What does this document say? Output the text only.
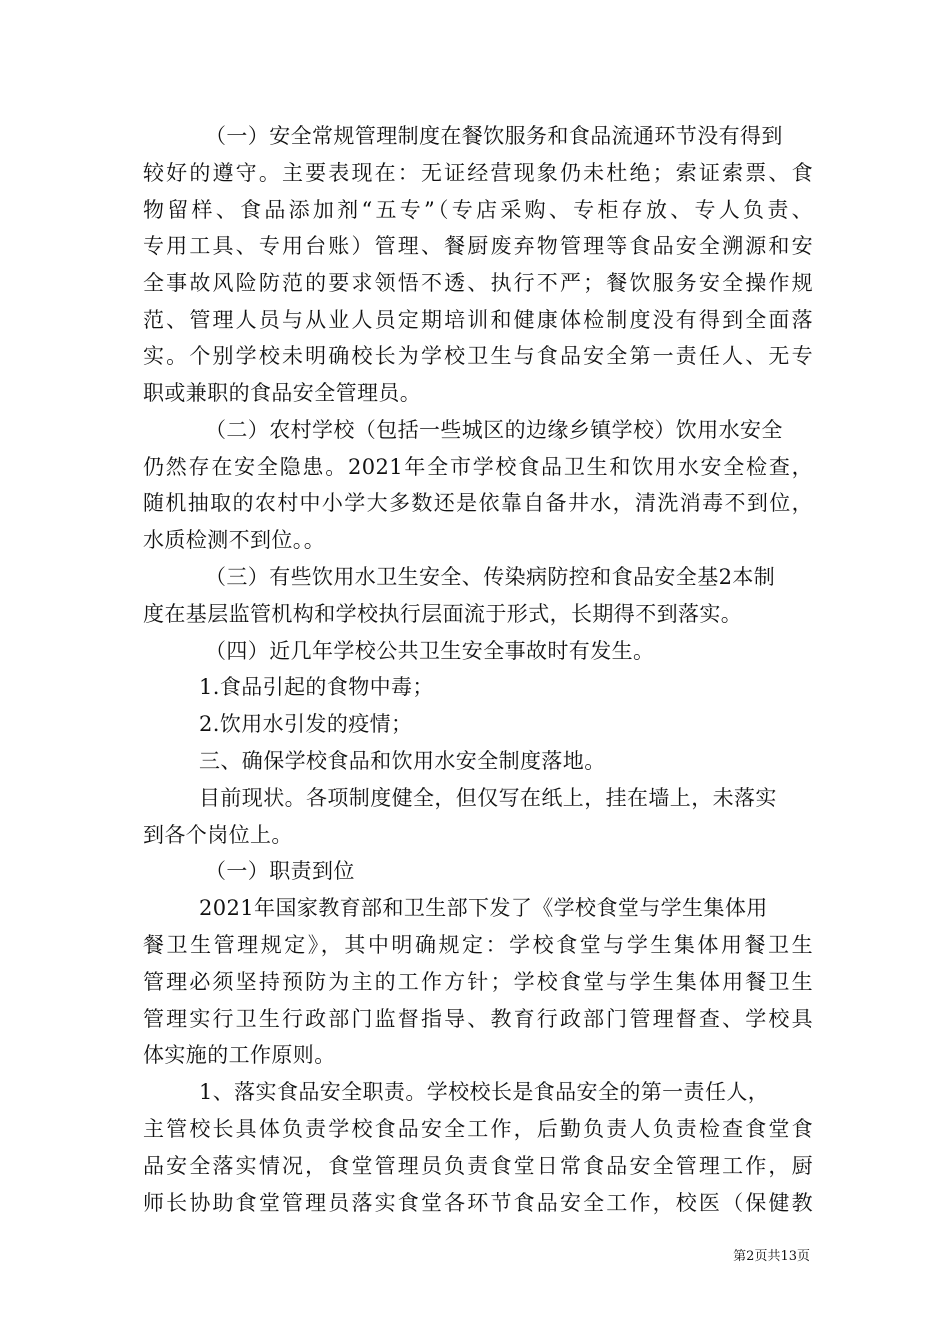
（一）安全常规管理制度在餐饮服务和食品流通环节没有得到
较好的遵守。主要表现在：无证经营现象仍未杜绝；索证索票、食
物留样、食品添加剂“五专”（专店采购、专柜存放、专人负责、
专用工具、专用台账）管理、餐厨废弃物管理等食品安全溯源和安
全事故风险防范的要求领悟不透、执行不严；餐饮服务安全操作规
范、管理人员与从业人员定期培训和健康体检制度没有得到全面落
实。个别学校未明确校长为学校卫生与食品安全第一责任人、无专
职或兼职的食品安全管理员。
（二）农村学校（包括一些城区的边缘乡镇学校）饮用水安全
仍然存在安全隐患。2021年全市学校食品卫生和饮用水安全检查，
随机抽取的农村中小学大多数还是依靠自备井水，清洗消毒不到位，
水质检测不到位。。
（三）有些饮用水卫生安全、传染病防控和食品安全基2本制
度在基层监管机构和学校执行层面流于形式，长期得不到落实。
（四）近几年学校公共卫生安全事故时有发生。
1.食品引起的食物中毒；
2.饮用水引发的疫情；
三、确保学校食品和饮用水安全制度落地。
目前现状。各项制度健全，但仅写在纸上，挂在墙上，未落实
到各个岗位上。
（一）职责到位
2021年国家教育部和卫生部下发了《学校食堂与学生集体用
餐卫生管理规定》，其中明确规定：学校食堂与学生集体用餐卫生
管理必须坚持预防为主的工作方针；学校食堂与学生集体用餐卫生
管理实行卫生行政部门监督指导、教育行政部门管理督查、学校具
体实施的工作原则。
1、落实食品安全职责。学校校长是食品安全的第一责任人，
主管校长具体负责学校食品安全工作，后勤负责人负责检查食堂食
品安全落实情况，食堂管理员负责食堂日常食品安全管理工作，厨
师长协助食堂管理员落实食堂各环节食品安全工作，校医（保健教
第2页共13页
